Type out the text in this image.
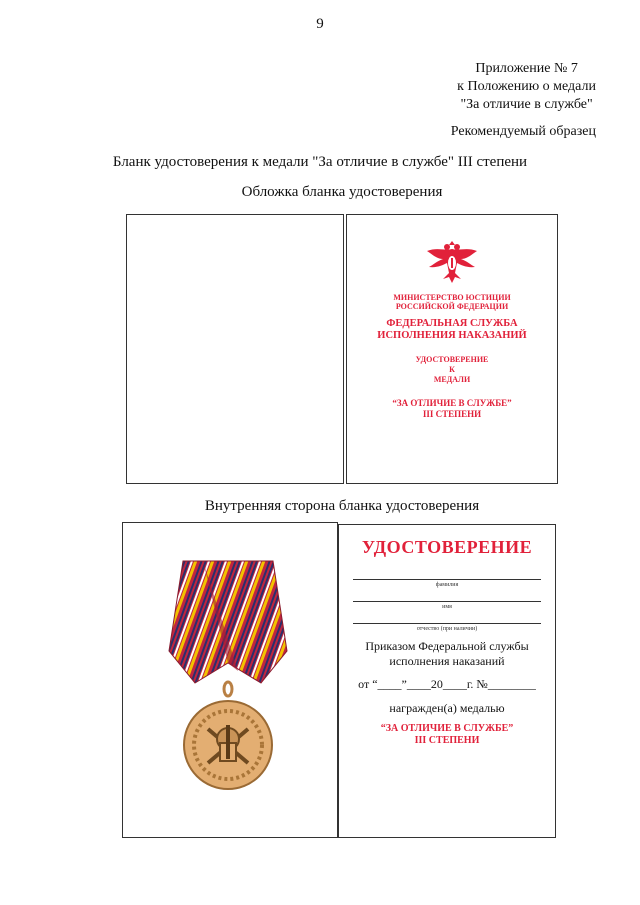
9
Приложение № 7
к Положению о медали
"За отличие в службе"
Рекомендуемый образец
Бланк удостоверения к медали "За отличие в службе" III степени
Обложка бланка удостоверения
МИНИСТЕРСТВО ЮСТИЦИИ
РОССИЙСКОЙ ФЕДЕРАЦИИ
ФЕДЕРАЛЬНАЯ СЛУЖБА
ИСПОЛНЕНИЯ НАКАЗАНИЙ
УДОСТОВЕРЕНИЕ
К
МЕДАЛИ
“ЗА ОТЛИЧИЕ В СЛУЖБЕ”
III СТЕПЕНИ
Внутренняя сторона бланка удостоверения
УДОСТОВЕРЕНИЕ
фамилия
имя
отчество (при наличии)
Приказом Федеральной службы
исполнения наказаний
от “____”____20____г. №________
награжден(а) медалью
“ЗА ОТЛИЧИЕ В СЛУЖБЕ”
III СТЕПЕНИ
